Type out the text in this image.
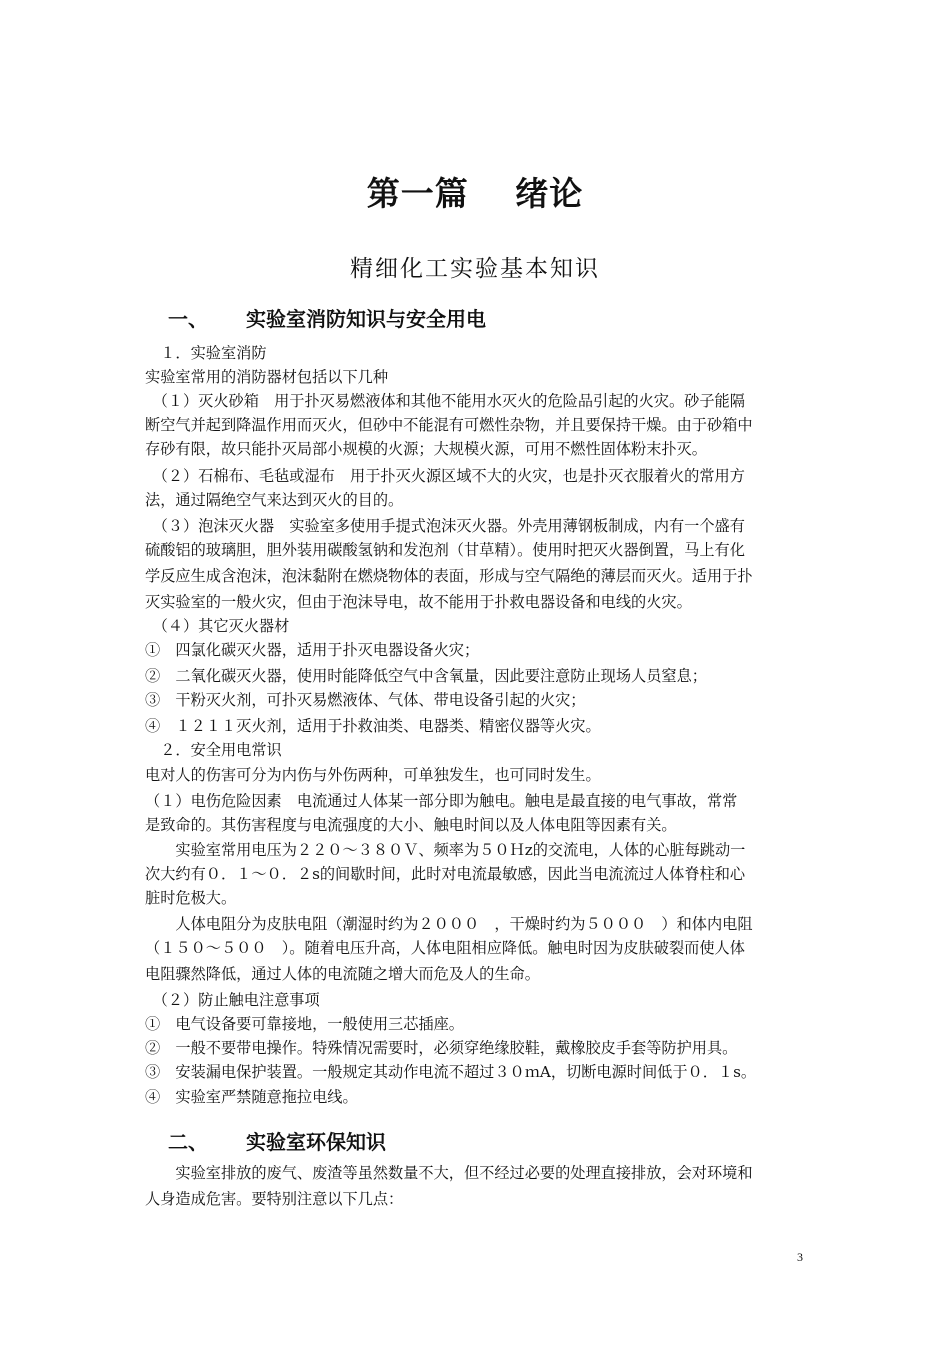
第一篇　 绪论
精细化工实验基本知识
一、 实验室消防知识与安全用电
　１．实验室消防
实验室常用的消防器材包括以下几种
　（１）灭火砂箱　用于扑灭易燃液体和其他不能用水灭火的危险品引起的火灾。砂子能隔
断空气并起到降温作用而灭火，但砂中不能混有可燃性杂物，并且要保持干燥。由于砂箱中
存砂有限，故只能扑灭局部小规模的火源；大规模火源，可用不燃性固体粉末扑灭。
　（２）石棉布、毛毡或湿布　用于扑灭火源区域不大的火灾，也是扑灭衣服着火的常用方
法，通过隔绝空气来达到灭火的目的。
　（３）泡沫灭火器　实验室多使用手提式泡沫灭火器。外壳用薄钢板制成，内有一个盛有
硫酸铝的玻璃胆，胆外装用碳酸氢钠和发泡剂（甘草精）。使用时把灭火器倒置，马上有化
学反应生成含泡沫，泡沫黏附在燃烧物体的表面，形成与空气隔绝的薄层而灭火。适用于扑
灭实验室的一般火灾，但由于泡沫导电，故不能用于扑救电器设备和电线的火灾。
　（４）其它灭火器材
①　四氯化碳灭火器，适用于扑灭电器设备火灾；
②　二氧化碳灭火器，使用时能降低空气中含氧量，因此要注意防止现场人员窒息；
③　干粉灭火剂，可扑灭易燃液体、气体、带电设备引起的火灾；
④　１２１１灭火剂，适用于扑救油类、电器类、精密仪器等火灾。
　２．安全用电常识
电对人的伤害可分为内伤与外伤两种，可单独发生，也可同时发生。
（１）电伤危险因素　电流通过人体某一部分即为触电。触电是最直接的电气事故，常常
是致命的。其伤害程度与电流强度的大小、触电时间以及人体电阻等因素有关。
　　实验室常用电压为２２０～３８０Ｖ、频率为５０Ｈz的交流电，人体的心脏每跳动一
次大约有０．１～０．２s的间歇时间，此时对电流最敏感，因此当电流流过人体脊柱和心
脏时危极大。
　　人体电阻分为皮肤电阻（潮湿时约为２０００　，干燥时约为５０００　）和体内电阻
（１５０～５００　）。随着电压升高，人体电阻相应降低。触电时因为皮肤破裂而使人体
电阻骤然降低，通过人体的电流随之增大而危及人的生命。
　（２）防止触电注意事项
①　电气设备要可靠接地，一般使用三芯插座。
②　一般不要带电操作。特殊情况需要时，必须穿绝缘胶鞋，戴橡胶皮手套等防护用具。
③　安装漏电保护装置。一般规定其动作电流不超过３０ｍA，切断电源时间低于０．１s。
④　实验室严禁随意拖拉电线。
二、 实验室环保知识
　　实验室排放的废气、废渣等虽然数量不大，但不经过必要的处理直接排放，会对环境和
人身造成危害。要特别注意以下几点：
3
